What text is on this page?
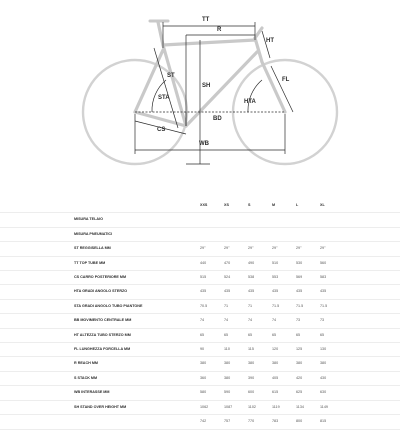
TT
R
HT
ST
SH
FL
STA
HTA
BD
CS
WB
	XXS	XS	S	M	L	XL
MISURA TELAIO						
MISURA PNEUMATICI						
ST REGGISELLA MM	29"	29"	29"	29"	29"	29"
TT TOP TUBE MM	440	470	490	510	530	560
CS CARRO POSTERIORE MM	515	524	538	553	569	583
HTA GRADI ANGOLO STERZO	435	435	435	435	435	435
STA GRADI ANGOLO TUBO PIANTONE	70.5	71	71	71.5	71.5	71.5
BB MOVIMENTO CENTRALE MM	74	74	74	74	73	73
HT ALTEZZA TUBO STERZO MM	65	65	65	65	65	65
FL LUNGHEZZA FORCELLA MM	90	110	115	120	125	130
R REACH MM	380	380	380	380	380	380
S STACK MM	360	380	390	405	420	430
WB INTERASSE MM	580	590	600	615	625	630
SH STAND OVER HEIGHT MM	1062	1087	1102	1119	1134	1149
	742	757	770	783	800	815
